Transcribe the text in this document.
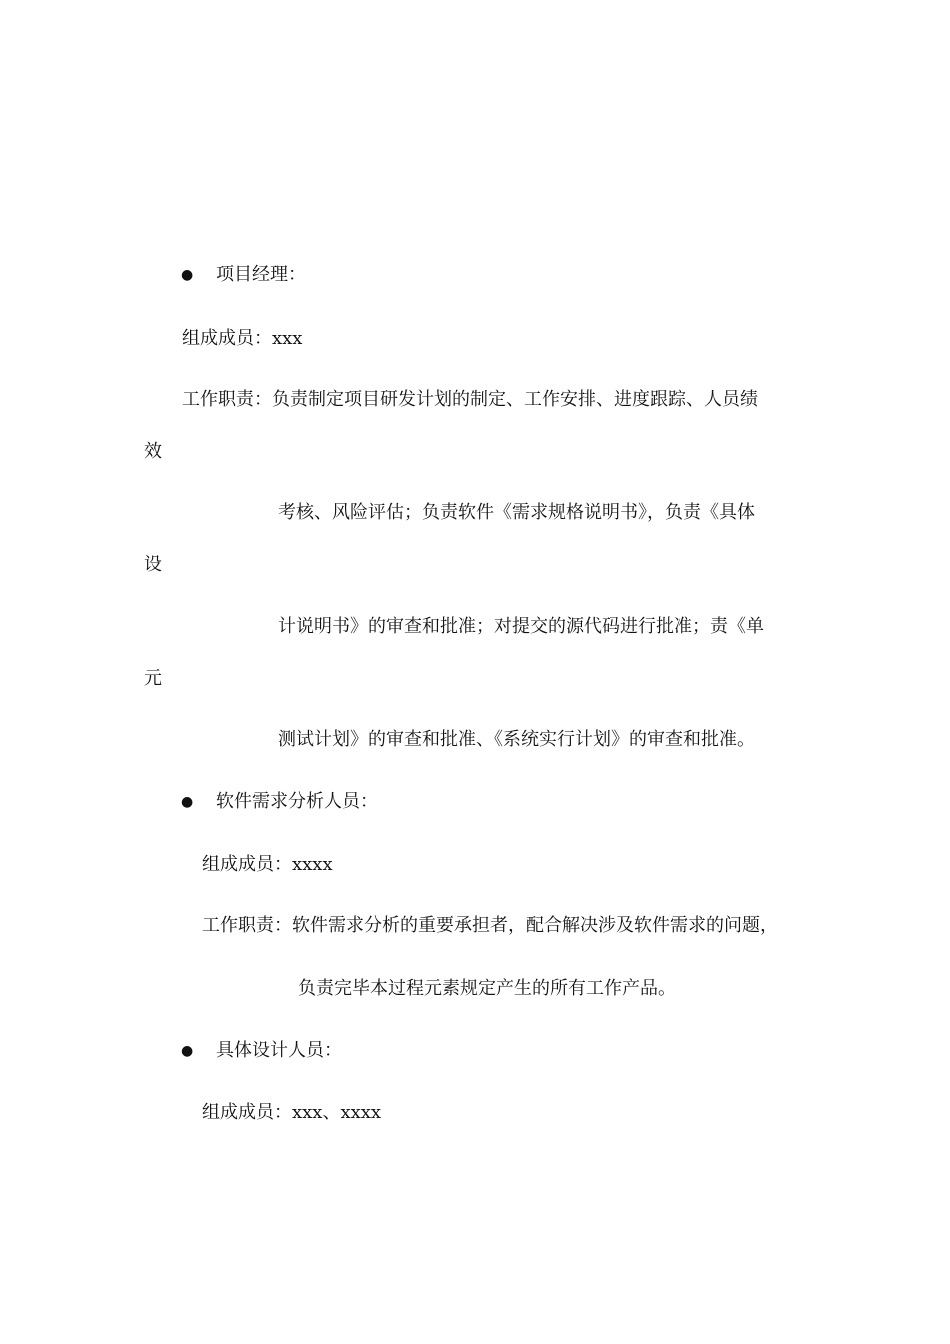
● 项目经理：
组成成员：xxx
工作职责：负责制定项目研发计划的制定、工作安排、进度跟踪、人员绩
效
考核、风险评估；负责软件《需求规格说明书》，负责《具体
设
计说明书》的审查和批准；对提交的源代码进行批准；责《单
元
测试计划》的审查和批准、《系统实行计划》的审查和批准。
● 软件需求分析人员：
组成成员：xxxx
工作职责：软件需求分析的重要承担者，配合解决涉及软件需求的问题，
负责完毕本过程元素规定产生的所有工作产品。
● 具体设计人员：
组成成员：xxx、xxxx
